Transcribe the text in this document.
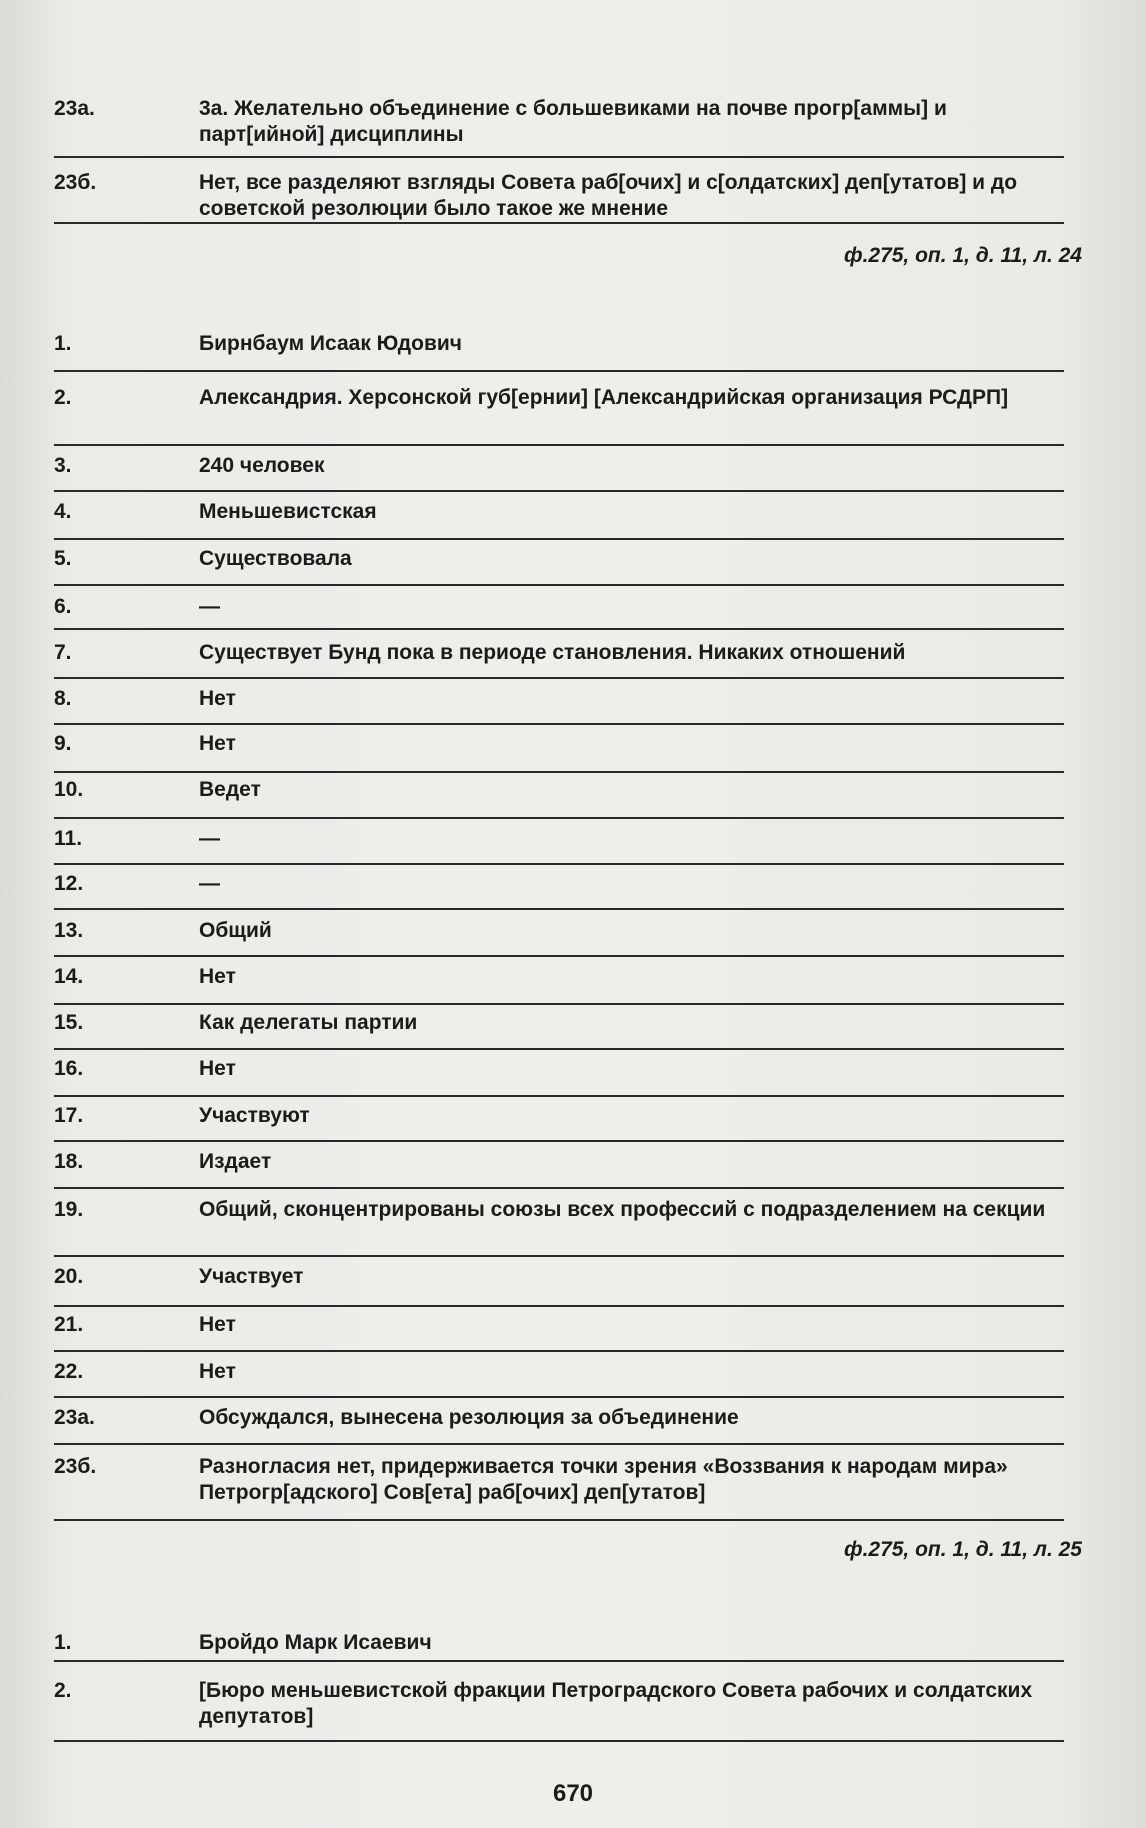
23а.	3а. Желательно объединение с большевиками на почве прогр[аммы] и парт[ийной] дисциплины
23б.	Нет, все разделяют взгляды Совета раб[очих] и с[олдатских] деп[утатов] и до советской резолюции было такое же мнение
1.	Бирнбаум Исаак Юдович
2.	Александрия. Херсонской губ[ернии] [Александрийская организация РСДРП]
3.	240 человек
4.	Меньшевистская
5.	Существовала
6.	—
7.	Существует Бунд пока в периоде становления. Никаких отношений
8.	Нет
9.	Нет
10.	Ведет
11.	—
12.	—
13.	Общий
14.	Нет
15.	Как делегаты партии
16.	Нет
17.	Участвуют
18.	Издает
19.	Общий, сконцентрированы союзы всех профессий с подразделением на секции
20.	Участвует
21.	Нет
22.	Нет
23а.	Обсуждался, вынесена резолюция за объединение
23б.	Разногласия нет, придерживается точки зрения «Воззвания к народам мира» Петрогр[адского] Сов[ета] раб[очих] деп[утатов]
1.	Бройдо Марк Исаевич
2.	[Бюро меньшевистской фракции Петроградского Совета рабочих и солдатских депутатов]
ф.275, оп. 1, д. 11, л. 24
ф.275, оп. 1, д. 11, л. 25
670
